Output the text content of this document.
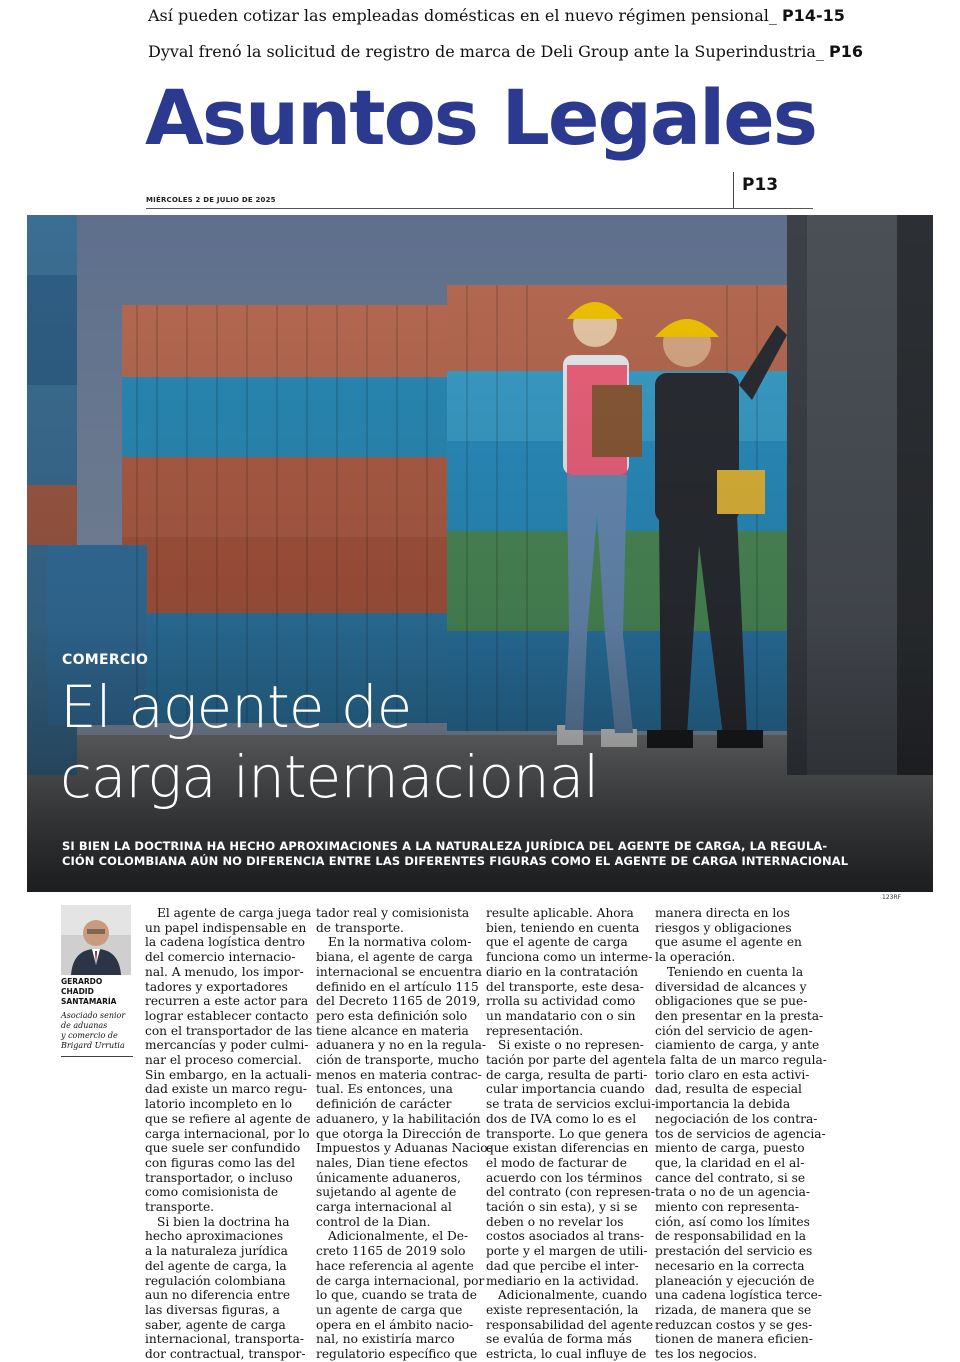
Así pueden cotizar las empleadas domésticas en el nuevo régimen pensional_ P14-15
Dyval frenó la solicitud de registro de marca de Deli Group ante la Superindustria_ P16
Asuntos Legales
MIÉRCOLES 2 DE JULIO DE 2025
P13
COMERCIO
El agente de
carga internacional
SI BIEN LA DOCTRINA HA HECHO APROXIMACIONES A LA NATURALEZA JURÍDICA DEL AGENTE DE CARGA, LA REGULA-
CIÓN COLOMBIANA AÚN NO DIFERENCIA ENTRE LAS DIFERENTES FIGURAS COMO EL AGENTE DE CARGA INTERNACIONAL
123RF
GERARDO
CHADID
SANTAMARÍA
Asociado senior
de aduanas
y comercio de
Brigard Urrutia
El agente de carga juega
un papel indispensable en
la cadena logística dentro
del comercio internacio-
nal. A menudo, los impor-
tadores y exportadores
recurren a este actor para
lograr establecer contacto
con el transportador de las
mercancías y poder culmi-
nar el proceso comercial.
Sin embargo, en la actuali-
dad existe un marco regu-
latorio incompleto en lo
que se refiere al agente de
carga internacional, por lo
que suele ser confundido
con figuras como las del
transportador, o incluso
como comisionista de
transporte.
Si bien la doctrina ha
hecho aproximaciones
a la naturaleza jurídica
del agente de carga, la
regulación colombiana
aun no diferencia entre
las diversas figuras, a
saber, agente de carga
internacional, transporta-
dor contractual, transpor-
tador real y comisionista
de transporte.
En la normativa colom-
biana, el agente de carga
internacional se encuentra
definido en el artículo 115
del Decreto 1165 de 2019,
pero esta definición solo
tiene alcance en materia
aduanera y no en la regula-
ción de transporte, mucho
menos en materia contrac-
tual. Es entonces, una
definición de carácter
aduanero, y la habilitación
que otorga la Dirección de
Impuestos y Aduanas Nacio-
nales, Dian tiene efectos
únicamente aduaneros,
sujetando al agente de
carga internacional al
control de la Dian.
Adicionalmente, el De-
creto 1165 de 2019 solo
hace referencia al agente
de carga internacional, por
lo que, cuando se trata de
un agente de carga que
opera en el ámbito nacio-
nal, no existiría marco
regulatorio específico que
resulte aplicable. Ahora
bien, teniendo en cuenta
que el agente de carga
funciona como un interme-
diario en la contratación
del transporte, este desa-
rrolla su actividad como
un mandatario con o sin
representación.
Si existe o no represen-
tación por parte del agente
de carga, resulta de parti-
cular importancia cuando
se trata de servicios exclui-
dos de IVA como lo es el
transporte. Lo que genera
que existan diferencias en
el modo de facturar de
acuerdo con los términos
del contrato (con represen-
tación o sin esta), y si se
deben o no revelar los
costos asociados al trans-
porte y el margen de utili-
dad que percibe el inter-
mediario en la actividad.
Adicionalmente, cuando
existe representación, la
responsabilidad del agente
se evalúa de forma más
estricta, lo cual influye de
manera directa en los
riesgos y obligaciones
que asume el agente en
la operación.
Teniendo en cuenta la
diversidad de alcances y
obligaciones que se pue-
den presentar en la presta-
ción del servicio de agen-
ciamiento de carga, y ante
la falta de un marco regula-
torio claro en esta activi-
dad, resulta de especial
importancia la debida
negociación de los contra-
tos de servicios de agencia-
miento de carga, puesto
que, la claridad en el al-
cance del contrato, si se
trata o no de un agencia-
miento con representa-
ción, así como los límites
de responsabilidad en la
prestación del servicio es
necesario en la correcta
planeación y ejecución de
una cadena logística terce-
rizada, de manera que se
reduzcan costos y se ges-
tionen de manera eficien-
tes los negocios.
